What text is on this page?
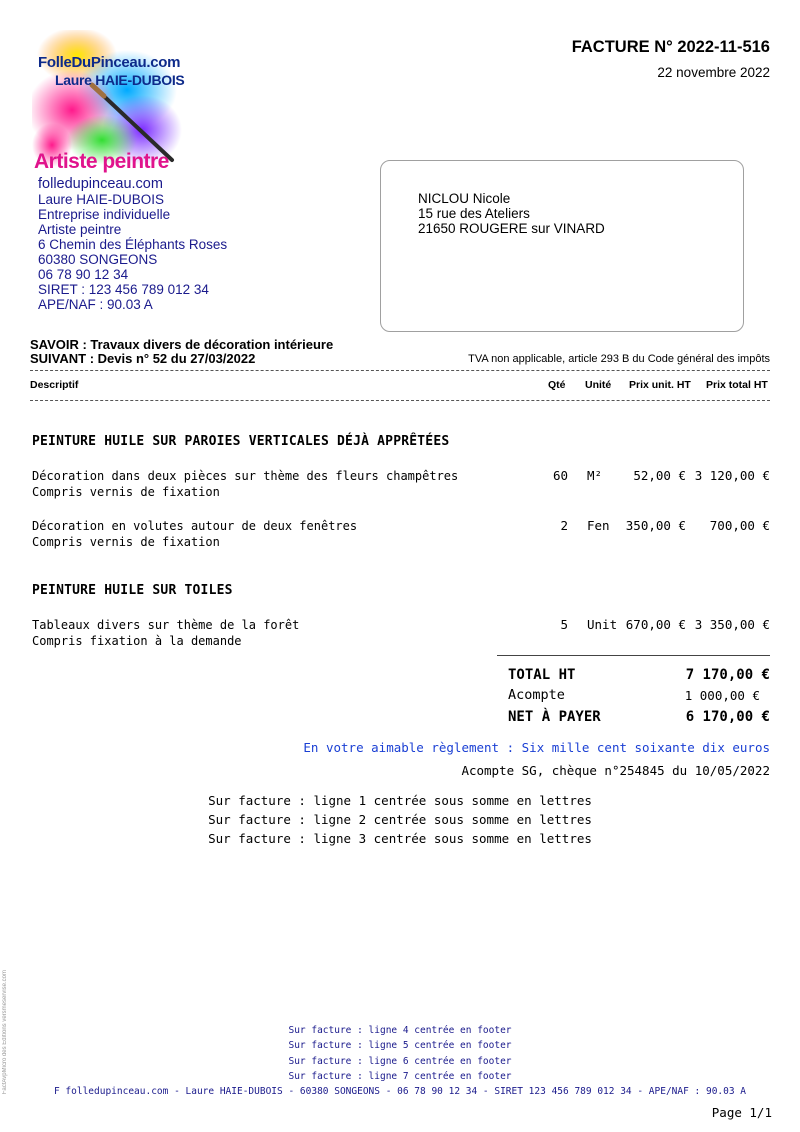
FolleDuPinceau.com
Laure HAIE-DUBOIS
Artiste peintre
folledupinceau.com
Laure HAIE-DUBOIS
Entreprise individuelle
Artiste peintre
6 Chemin des Éléphants Roses
60380 SONGEONS
06 78 90 12 34
SIRET : 123 456 789 012 34
APE/NAF : 90.03 A
FACTURE N° 2022-11-516
22 novembre 2022
NICLOU Nicole
15 rue des Ateliers
21650 ROUGERE sur VINARD
SAVOIR : Travaux divers de décoration intérieure
SUIVANT : Devis n° 52 du 27/03/2022	TVA non applicable, article 293 B du Code général des impôts
Descriptif	Qté Unité Prix unit. HT Prix total HT
PEINTURE HUILE SUR PAROIES VERTICALES DÉJÀ APPRÊTÉES
Décoration dans deux pièces sur thème des fleurs champêtres
Compris vernis de fixation
60 M²	52,00 € 3 120,00 €
Décoration en volutes autour de deux fenêtres
Compris vernis de fixation
2 Fen	350,00 €	700,00 €
PEINTURE HUILE SUR TOILES
Tableaux divers sur thème de la forêt
Compris fixation à la demande
5 Unit 670,00 € 3 350,00 €
TOTAL HT	7 170,00 €
Acompte	1 000,00 €
NET À PAYER	6 170,00 €
En votre aimable règlement : Six mille cent soixante dix euros
Acompte SG, chèque n°254845 du 10/05/2022
Sur facture : ligne 1 centrée sous somme en lettres
Sur facture : ligne 2 centrée sous somme en lettres
Sur facture : ligne 3 centrée sous somme en lettres
FactAvpMicro des Editions versmeservise.com	Sur facture : ligne 4 centrée en footer
Sur facture : ligne 5 centrée en footer
Sur facture : ligne 6 centrée en footer
Sur facture : ligne 7 centrée en footer
F folledupinceau.com - Laure HAIE-DUBOIS - 60380 SONGEONS - 06 78 90 12 34 - SIRET 123 456 789 012 34 - APE/NAF : 90.03 A
Page 1/1
